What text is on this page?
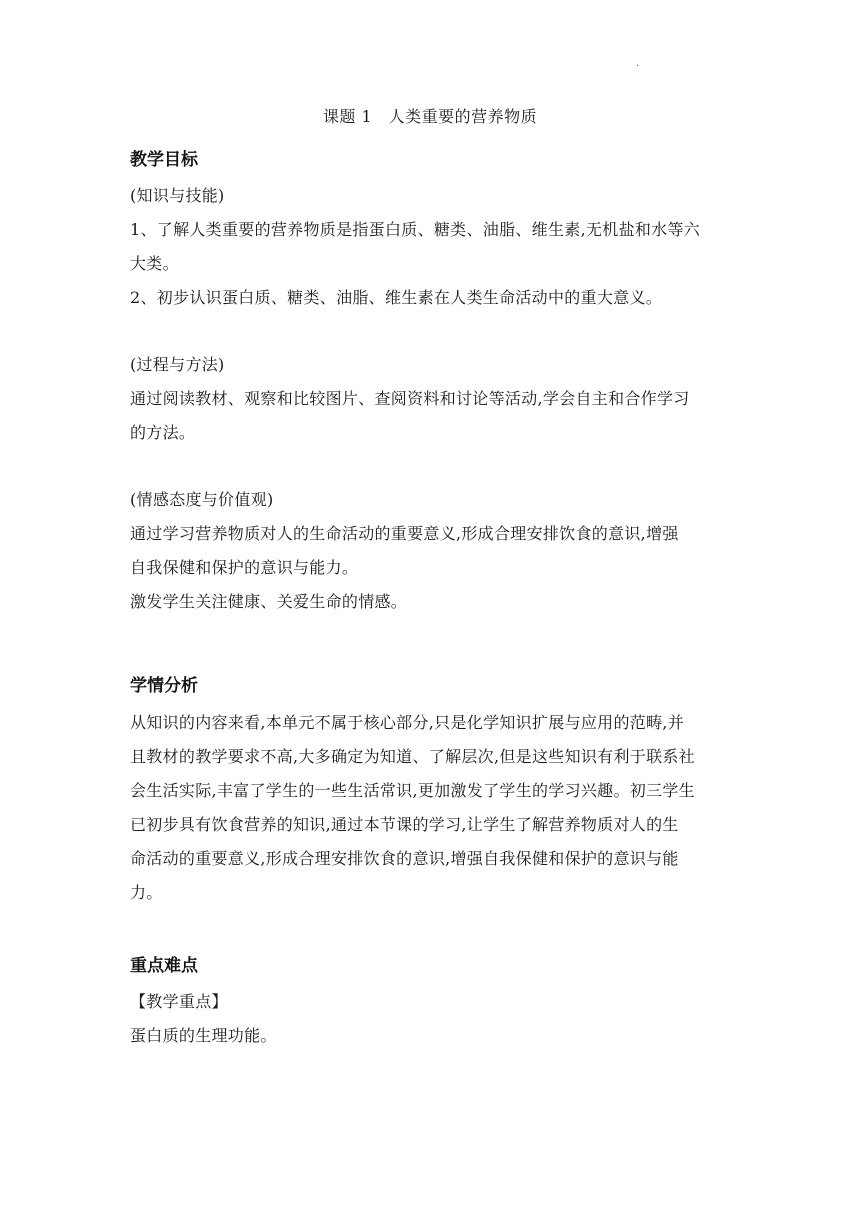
.
课题 1　人类重要的营养物质
教学目标
(知识与技能)
1、了解人类重要的营养物质是指蛋白质、糖类、油脂、维生素,无机盐和水等六
大类。
2、初步认识蛋白质、糖类、油脂、维生素在人类生命活动中的重大意义。
(过程与方法)
通过阅读教材、观察和比较图片、查阅资料和讨论等活动,学会自主和合作学习
的方法。
(情感态度与价值观)
通过学习营养物质对人的生命活动的重要意义,形成合理安排饮食的意识,增强
自我保健和保护的意识与能力。
激发学生关注健康、关爱生命的情感。
学情分析
从知识的内容来看,本单元不属于核心部分,只是化学知识扩展与应用的范畴,并
且教材的教学要求不高,大多确定为知道、了解层次,但是这些知识有利于联系社
会生活实际,丰富了学生的一些生活常识,更加激发了学生的学习兴趣。初三学生
已初步具有饮食营养的知识,通过本节课的学习,让学生了解营养物质对人的生
命活动的重要意义,形成合理安排饮食的意识,增强自我保健和保护的意识与能
力。
重点难点
【教学重点】
蛋白质的生理功能。
